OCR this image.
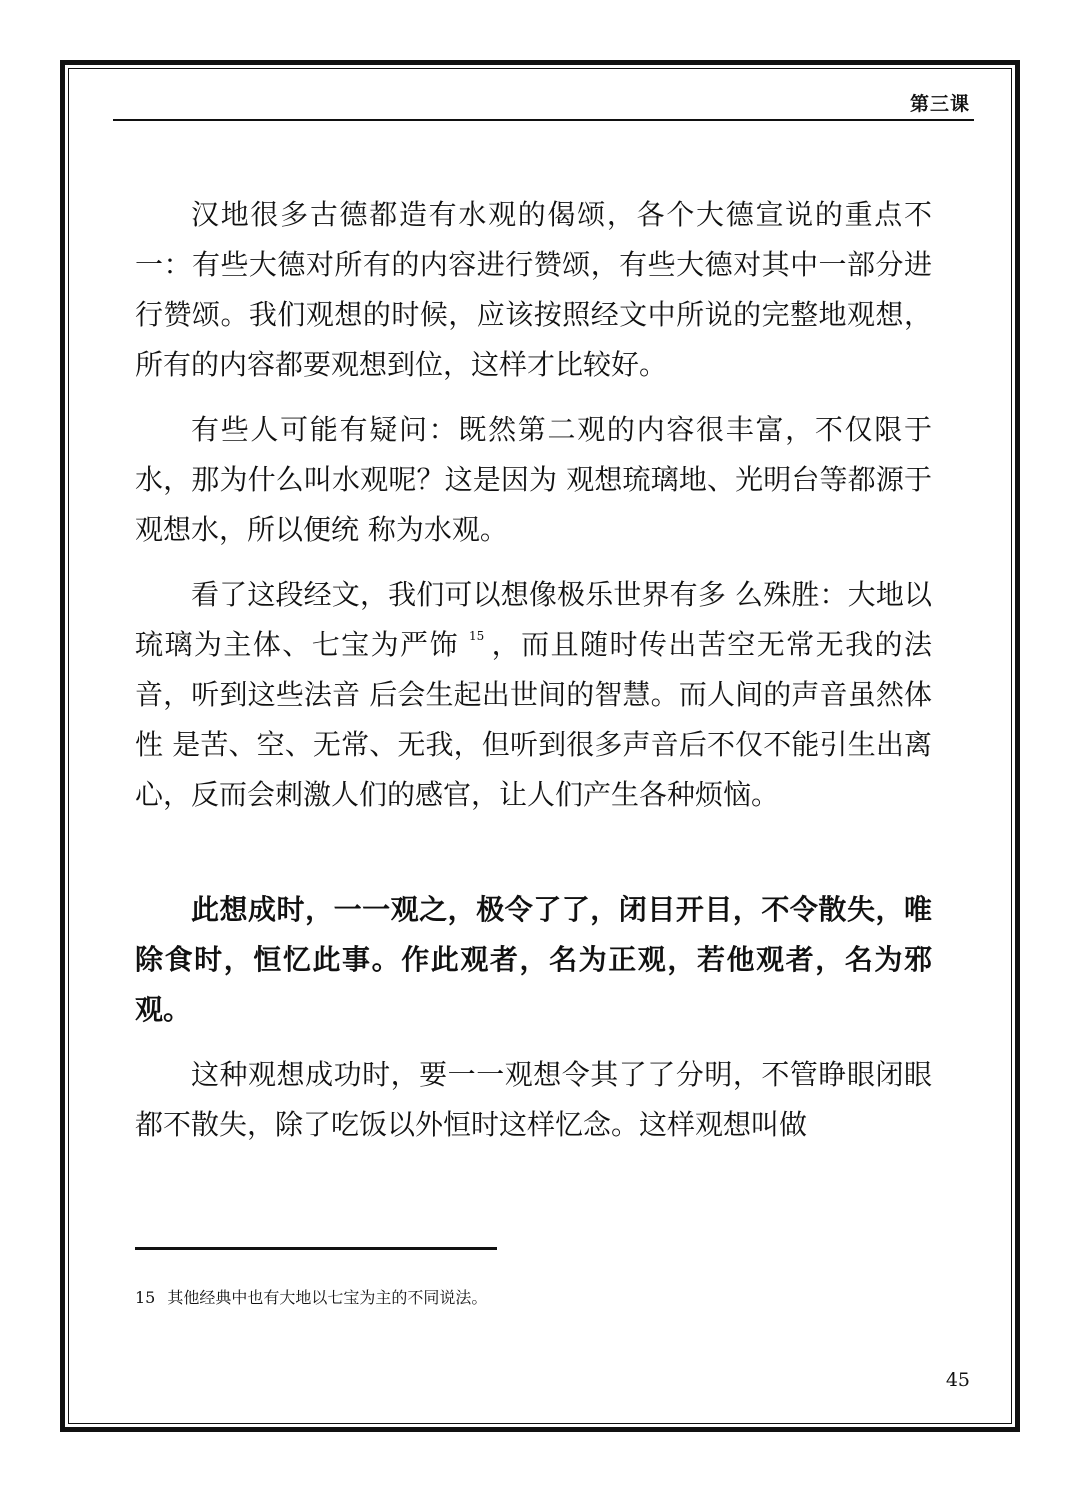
第三课

汉地很多古德都造有水观的偈颂，各个大德宣说的重点不一：有些大德对所有的内容进行赞颂，有些大德对其中一部分进行赞颂。我们观想的时候，应该按照经文中所说的完整地观想，所有的内容都要观想到位，这样才比较好。

有些人可能有疑问：既然第二观的内容很丰富，不仅限于水，那为什么叫水观呢？这是因为 观想琉璃地、光明台等都源于观想水，所以便统 称为水观。

看了这段经文，我们可以想像极乐世界有多 么殊胜：大地以琉璃为主体、七宝为严饰 $^{15}$ ，而且随时传出苦空无常无我的法音，听到这些法音 后会生起出世间的智慧。而人间的声音虽然体性 是苦、空、无常、无我，但听到很多声音后不仅不能引生出离心，反而会刺激人们的感官，让人们产生各种烦恼。

此想成时，一一观之，极令了了，闭目开目，不令散失，唯除食时，恒忆此事。作此观者，名为正观，若他观者，名为邪观。

这种观想成功时，要一一观想令其了了分明，不管睁眼闭眼都不散失，除了吃饭以外恒时这样忆念。这样观想叫做

15 其他经典中也有大地以七宝为主的不同说法。
45
